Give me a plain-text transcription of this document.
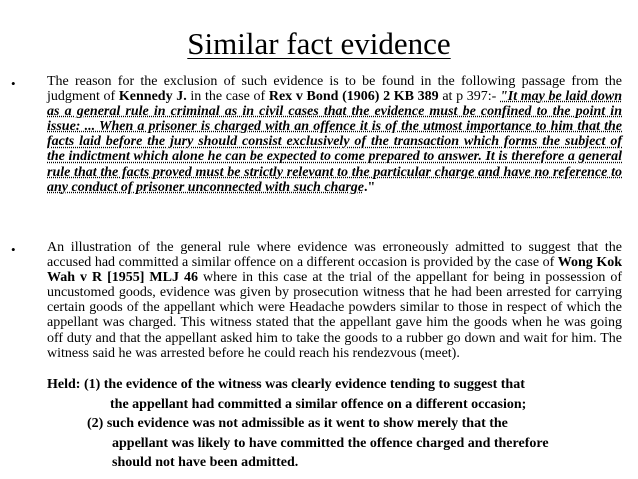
Similar fact evidence
• The reason for the exclusion of such evidence is to be found in the following passage from the judgment of Kennedy J. in the case of Rex v Bond (1906) 2 KB 389 at p 397:- "It may be laid down as a general rule in criminal as in civil cases that the evidence must be confined to the point in issue: ... When a prisoner is charged with an offence it is of the utmost importance to him that the facts laid before the jury should consist exclusively of the transaction which forms the subject of the indictment which alone he can be expected to come prepared to answer. It is therefore a general rule that the facts proved must be strictly relevant to the particular charge and have no reference to any conduct of prisoner unconnected with such charge."
• An illustration of the general rule where evidence was erroneously admitted to suggest that the accused had committed a similar offence on a different occasion is provided by the case of Wong Kok Wah v R [1955] MLJ 46 where in this case at the trial of the appellant for being in possession of uncustomed goods, evidence was given by prosecution witness that he had been arrested for carrying certain goods of the appellant which were Headache powders similar to those in respect of which the appellant was charged. This witness stated that the appellant gave him the goods when he was going off duty and that the appellant asked him to take the goods to a rubber go down and wait for him. The witness said he was arrested before he could reach his rendezvous (meet).
Held: (1) the evidence of the witness was clearly evidence tending to suggest that
the appellant had committed a similar offence on a different occasion;
(2) such evidence was not admissible as it went to show merely that the
appellant was likely to have committed the offence charged and therefore
should not have been admitted.
